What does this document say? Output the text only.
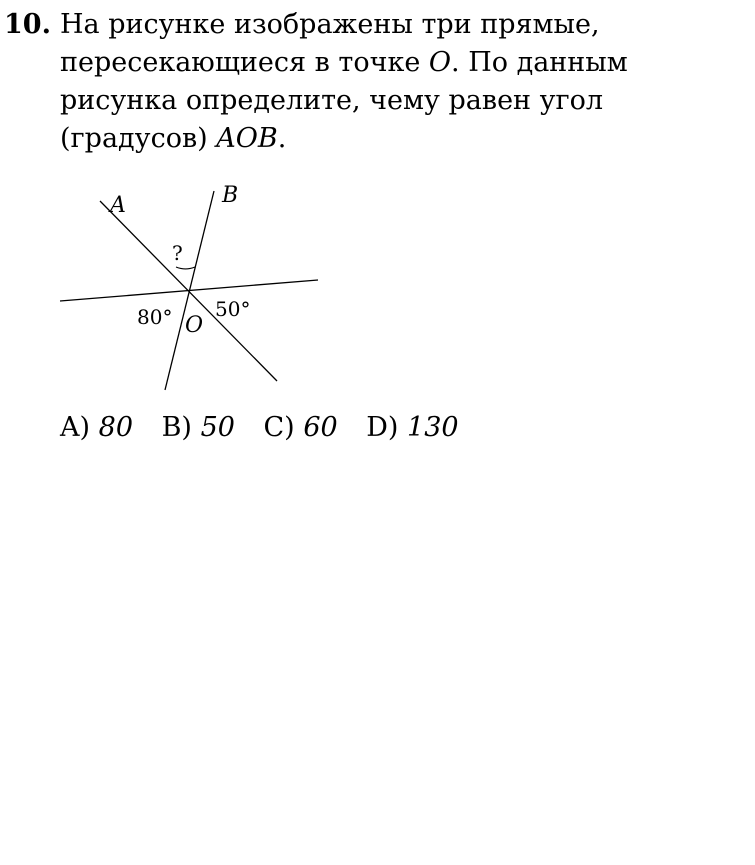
10. На рисунке изображены три прямые,
пересекающиеся в точке O. По данным
рисунка определите, чему равен угол
(градусов) AOB.
A	B
?
80° O
50°
A) 80 B) 50 C) 60 D) 130
